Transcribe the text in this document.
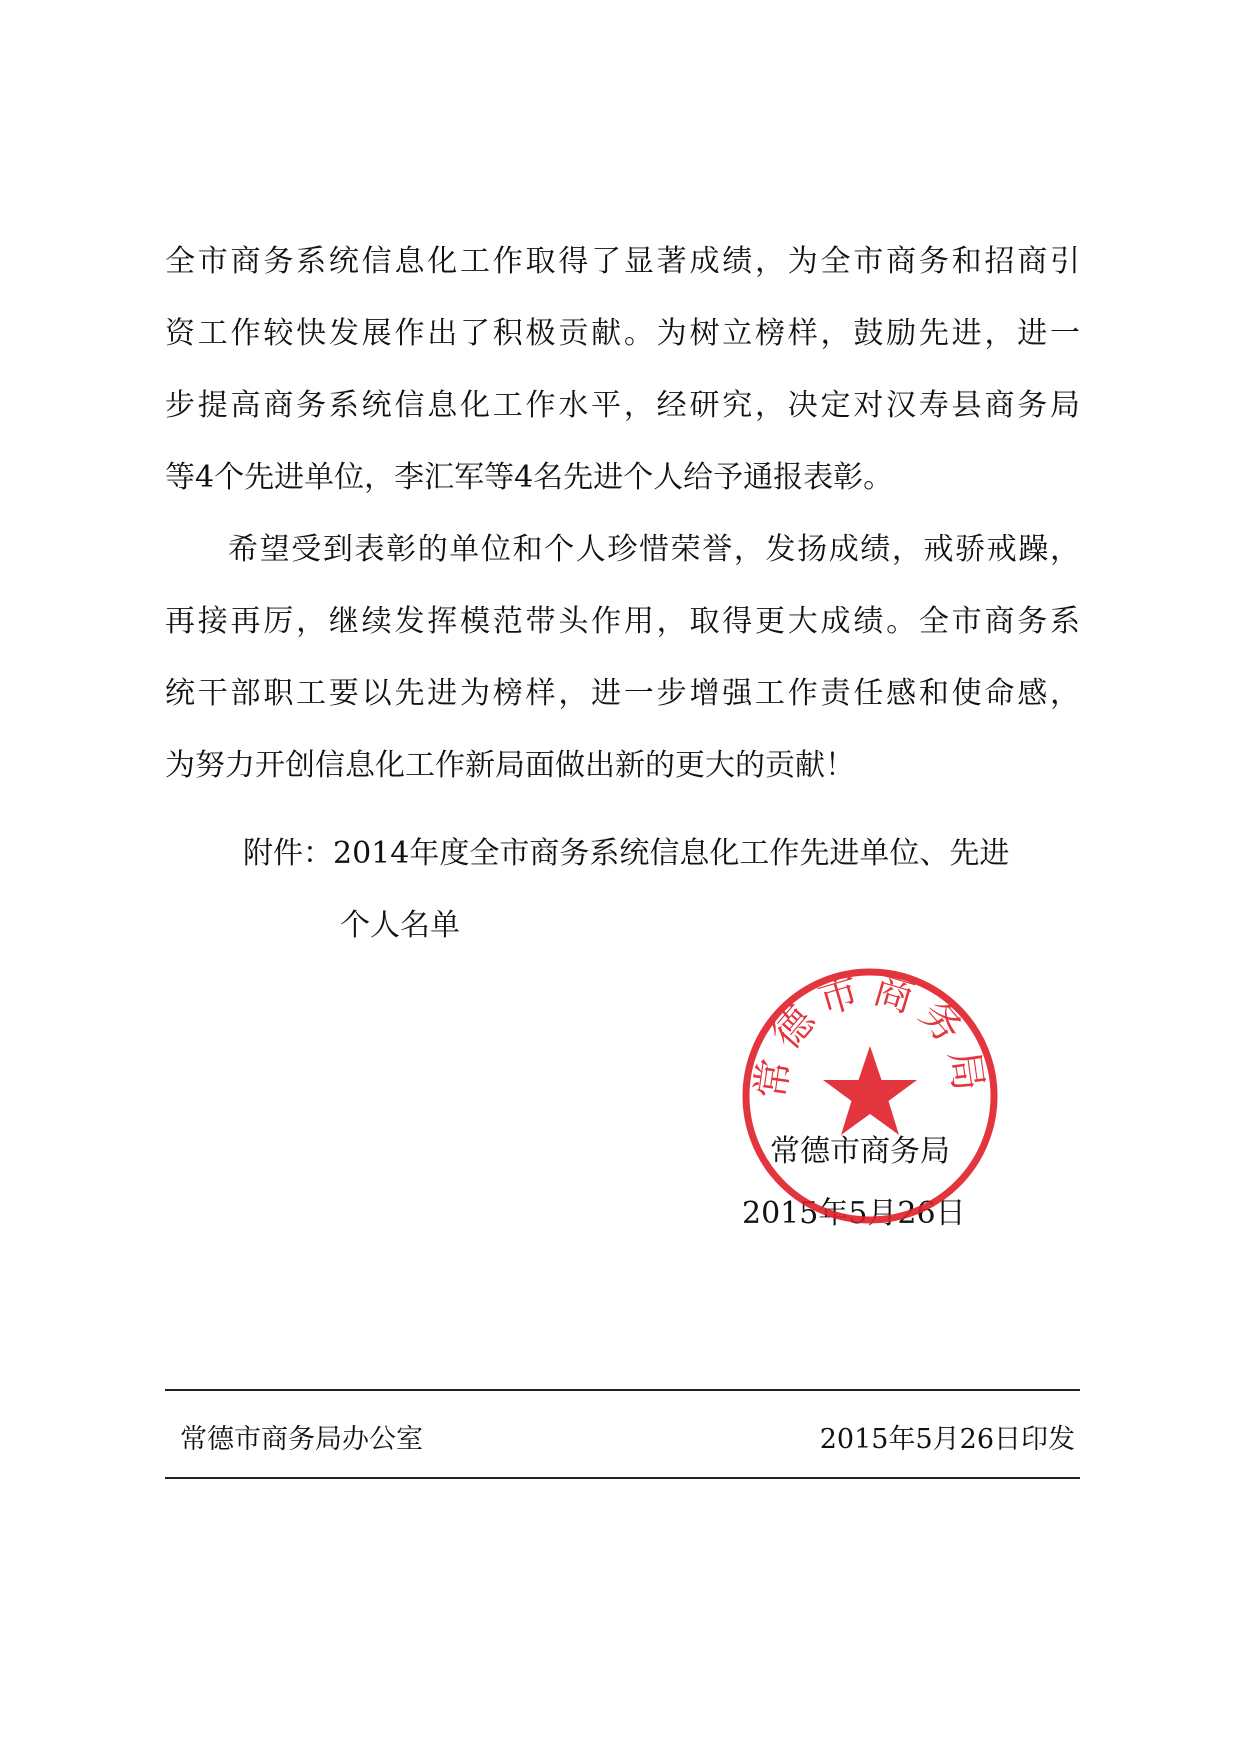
全市商务系统信息化工作取得了显著成绩，为全市商务和招商引
资工作较快发展作出了积极贡献。为树立榜样，鼓励先进，进一
步提高商务系统信息化工作水平，经研究，决定对汉寿县商务局
等4个先进单位，李汇军等4名先进个人给予通报表彰。
希望受到表彰的单位和个人珍惜荣誉，发扬成绩，戒骄戒躁，
再接再厉，继续发挥模范带头作用，取得更大成绩。全市商务系
统干部职工要以先进为榜样，进一步增强工作责任感和使命感，
为努力开创信息化工作新局面做出新的更大的贡献！
附件：2014年度全市商务系统信息化工作先进单位、先进
个人名单
常德市商务局
2015年5月26日
常德市商务局
常德市商务局办公室	2015年5月26日印发
